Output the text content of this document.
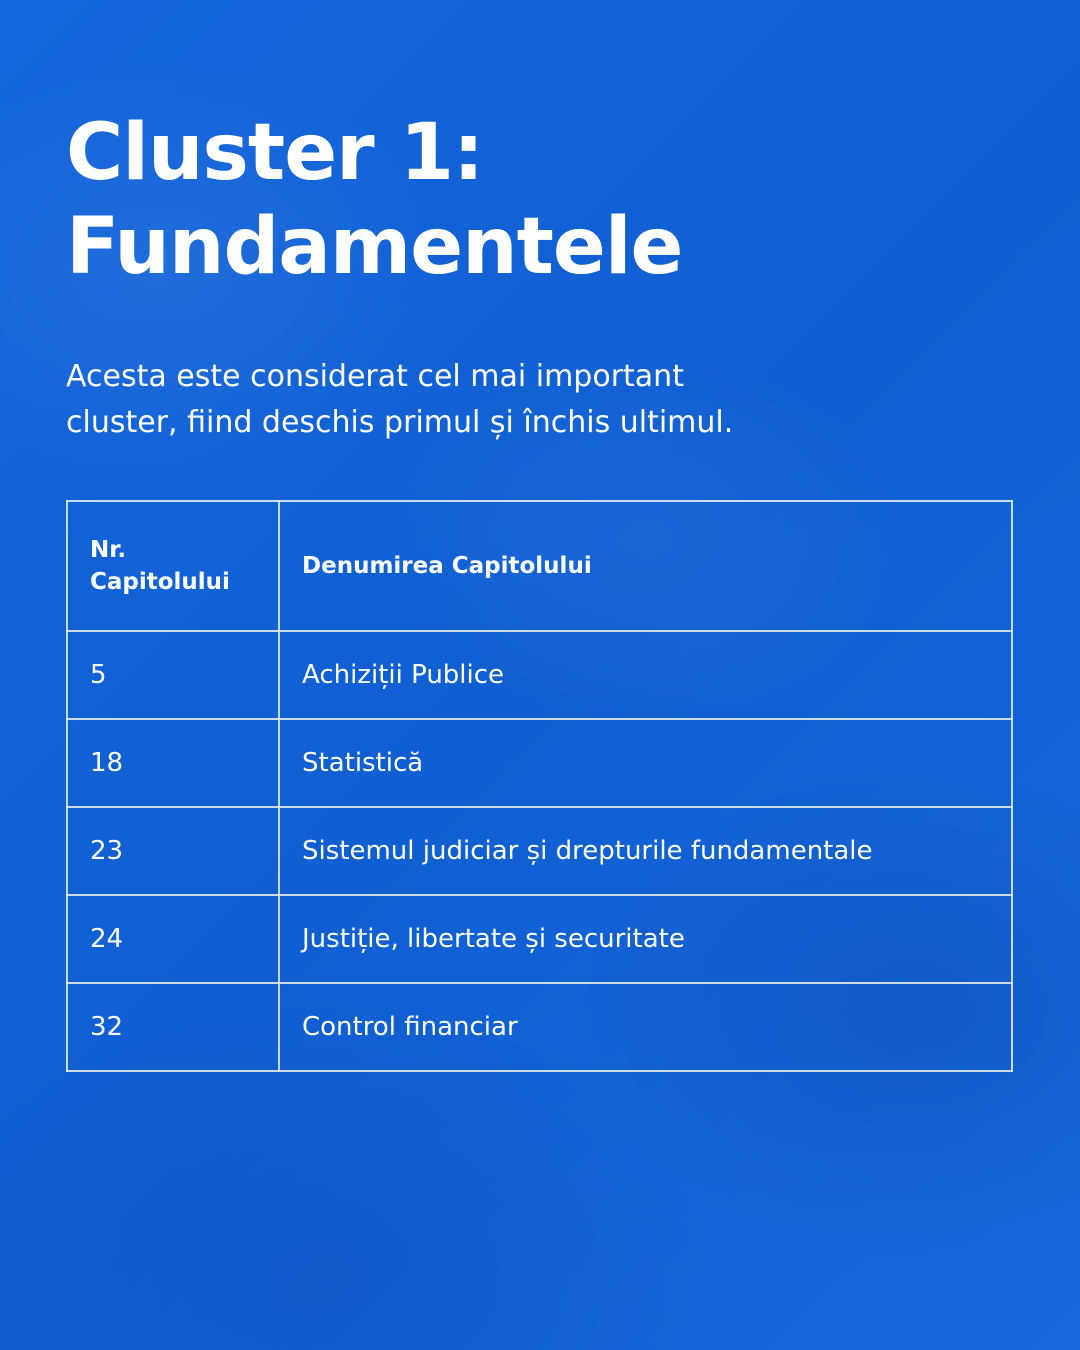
Cluster 1:
Fundamentele

Acesta este considerat cel mai important
cluster, fiind deschis primul și închis ultimul.

Nr.
Capitolului	Denumirea Capitolului
5	Achiziții Publice
18	Statistică
23	Sistemul judiciar și drepturile fundamentale
24	Justiție, libertate și securitate
32	Control financiar
